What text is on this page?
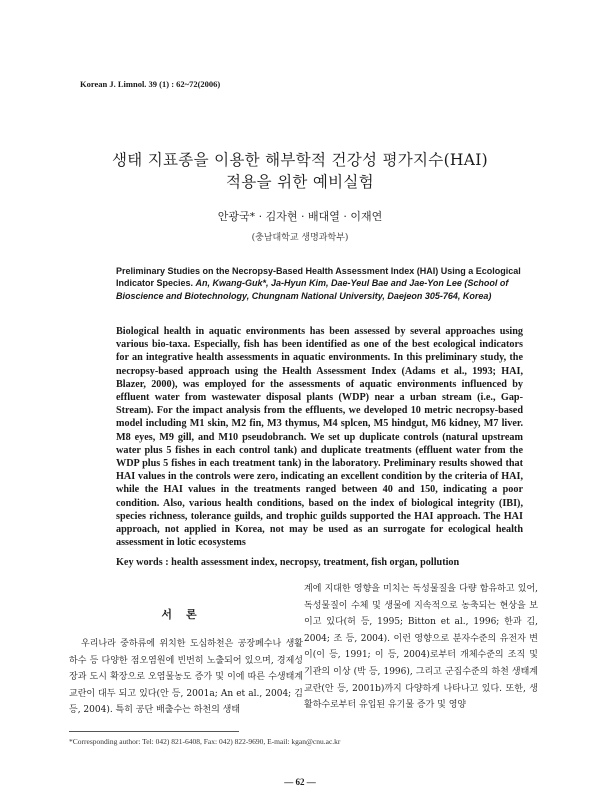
Korean J. Limnol. 39 (1) : 62~72(2006)
생태 지표종을 이용한 해부학적 건강성 평가지수(HAI)
적용을 위한 예비실험
안광국* · 김자현 · 배대열 · 이재연
(충남대학교 생명과학부)
Preliminary Studies on the Necropsy-Based Health Assessment Index (HAI) Using a Ecological Indicator Species. An, Kwang-Guk*, Ja-Hyun Kim, Dae-Yeul Bae and Jae-Yon Lee (School of Bioscience and Biotechnology, Chungnam National University, Daejeon 305-764, Korea)
Biological health in aquatic environments has been assessed by several approaches using various bio-taxa. Especially, fish has been identified as one of the best ecological indicators for an integrative health assessments in aquatic environments. In this preliminary study, the necropsy-based approach using the Health Assessment Index (Adams et al., 1993; HAI, Blazer, 2000), was employed for the assessments of aquatic environments influenced by effluent water from wastewater disposal plants (WDP) near a urban stream (i.e., Gap-Stream). For the impact analysis from the effluents, we developed 10 metric necropsy-based model including M1 skin, M2 fin, M3 thymus, M4 splcen, M5 hindgut, M6 kidney, M7 liver. M8 eyes, M9 gill, and M10 pseudobranch. We set up duplicate controls (natural upstream water plus 5 fishes in each control tank) and duplicate treatments (effluent water from the WDP plus 5 fishes in each treatment tank) in the laboratory. Preliminary results showed that HAI values in the controls were zero, indicating an excellent condition by the criteria of HAI, while the HAI values in the treatments ranged between 40 and 150, indicating a poor condition. Also, various health conditions, based on the index of biological integrity (IBI), species richness, tolerance guilds, and trophic guilds supported the HAI approach. The HAI approach, not applied in Korea, not may be used as an surrogate for ecological health assessment in lotic ecosystems
Key words : health assessment index, necropsy, treatment, fish organ, pollution
서론
우리나라 중하류에 위치한 도심하천은 공장폐수나 생활하수 등 다양한 점오염원에 빈번히 노출되어 있으며, 경제성장과 도시 확장으로 오염물농도 증가 및 이에 따른 수생태계 교란이 대두 되고 있다(안 등, 2001a; An et al., 2004; 김 등, 2004). 특히 공단 배출수는 하천의 생태
계에 지대한 영향을 미치는 독성물질을 다량 함유하고 있어, 독성물질이 수체 및 생물에 지속적으로 농축되는 현상을 보이고 있다(허 등, 1995; Bitton et al., 1996; 한과 김, 2004; 조 등, 2004). 이런 영향으로 분자수준의 유전자 변이(이 등, 1991; 이 등, 2004)로부터 개체수준의 조직 및 기관의 이상 (박 등, 1996), 그리고 군집수준의 하천 생태계 교란(안 등, 2001b)까지 다양하게 나타나고 있다. 또한, 생활하수로부터 유입된 유기물 증가 및 영양
*Corresponding author: Tel: 042) 821-6408, Fax: 042) 822-9690, E-mail: kgan@cnu.ac.kr
— 62 —
